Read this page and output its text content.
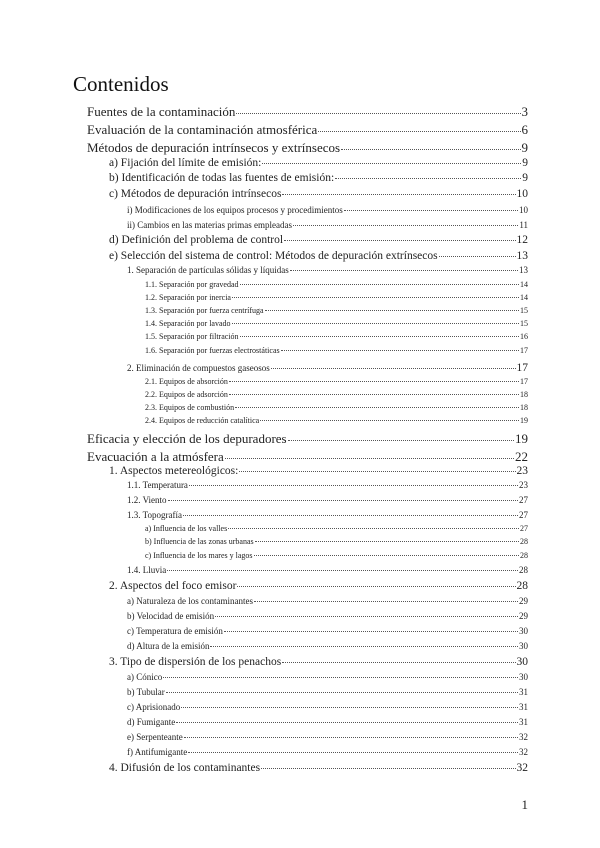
Contenidos
Fuentes de la contaminación	3
Evaluación de la contaminación atmosférica	6
Métodos de depuración intrínsecos y extrínsecos	9
a) Fijación del límite de emisión:	9
b) Identificación de todas las fuentes de emisión:	9
c) Métodos de depuración intrínsecos	10
i) Modificaciones de los equipos procesos y procedimientos	10
ii) Cambios en las materias primas empleadas	11
d) Definición del problema de control	12
e) Selección del sistema de control: Métodos de depuración extrínsecos	13
1. Separación de partículas sólidas y líquidas	13
1.1. Separación por gravedad	14
1.2. Separación por inercia	14
1.3. Separación por fuerza centrífuga	15
1.4. Separación por lavado	15
1.5. Separación por filtración	16
1.6. Separación por fuerzas electrostáticas	17
2. Eliminación de compuestos gaseosos	17
2.1. Equipos de absorción	17
2.2. Equipos de adsorción	18
2.3. Equipos de combustión	18
2.4. Equipos de reducción catalítica	19
Eficacia y elección de los depuradores	19
Evacuación a la atmósfera	22
1. Aspectos metereológicos:	23
1.1. Temperatura	23
1.2. Viento	27
1.3. Topografía	27
a) Influencia de los valles	27
b) Influencia de las zonas urbanas	28
c) Influencia de los mares y lagos	28
1.4. Lluvia	28
2. Aspectos del foco emisor	28
a) Naturaleza de los contaminantes	29
b) Velocidad de emisión	29
c) Temperatura de emisión	30
d) Altura de la emisión	30
3. Tipo de dispersión de los penachos	30
a) Cónico	30
b) Tubular	31
c) Aprisionado	31
d) Fumigante	31
e) Serpenteante	32
f) Antifumigante	32
4. Difusión de los contaminantes	32
1
